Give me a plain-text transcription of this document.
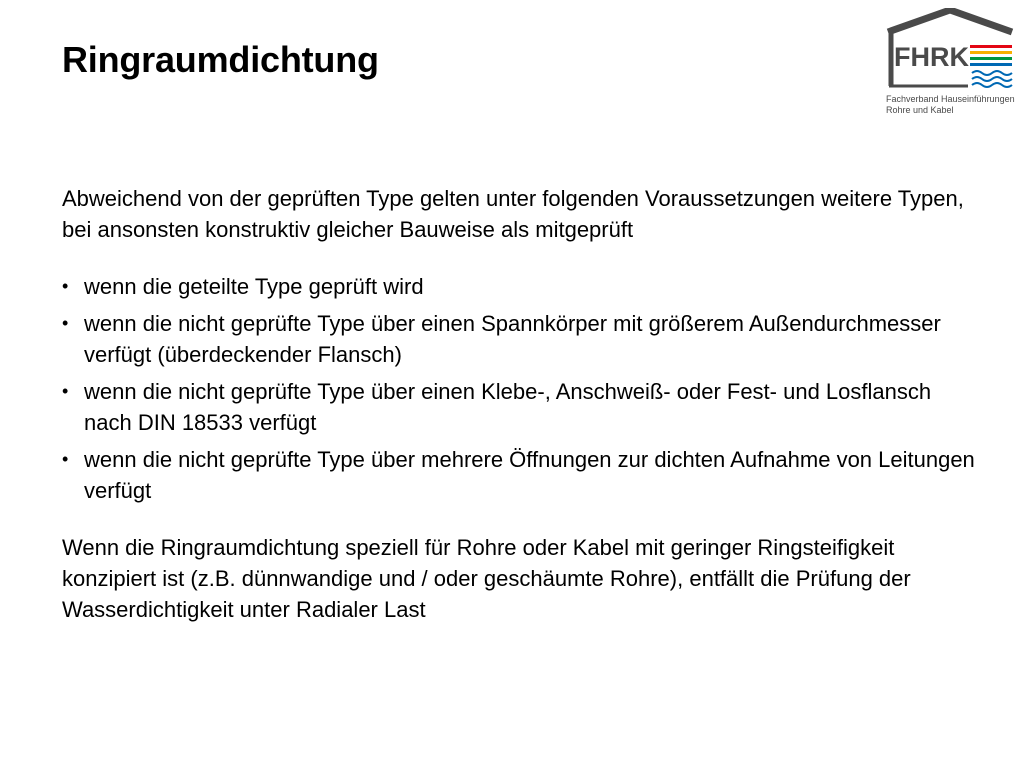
Ringraumdichtung	FHRK
Fachverband Hauseinführungen
Rohre und Kabel

Abweichend von der geprüften Type gelten unter folgenden Voraussetzungen weitere Typen, bei ansonsten konstruktiv gleicher Bauweise als mitgeprüft

• wenn die geteilte Type geprüft wird
• wenn die nicht geprüfte Type über einen Spannkörper mit größerem Außendurchmesser verfügt (überdeckender Flansch)
• wenn die nicht geprüfte Type über einen Klebe-, Anschweiß- oder Fest- und Losflansch nach DIN 18533 verfügt
• wenn die nicht geprüfte Type über mehrere Öffnungen zur dichten Aufnahme von Leitungen verfügt

Wenn die Ringraumdichtung speziell für Rohre oder Kabel mit geringer Ringsteifigkeit konzipiert ist (z.B. dünnwandige und / oder geschäumte Rohre), entfällt die Prüfung der Wasserdichtigkeit unter Radialer Last
